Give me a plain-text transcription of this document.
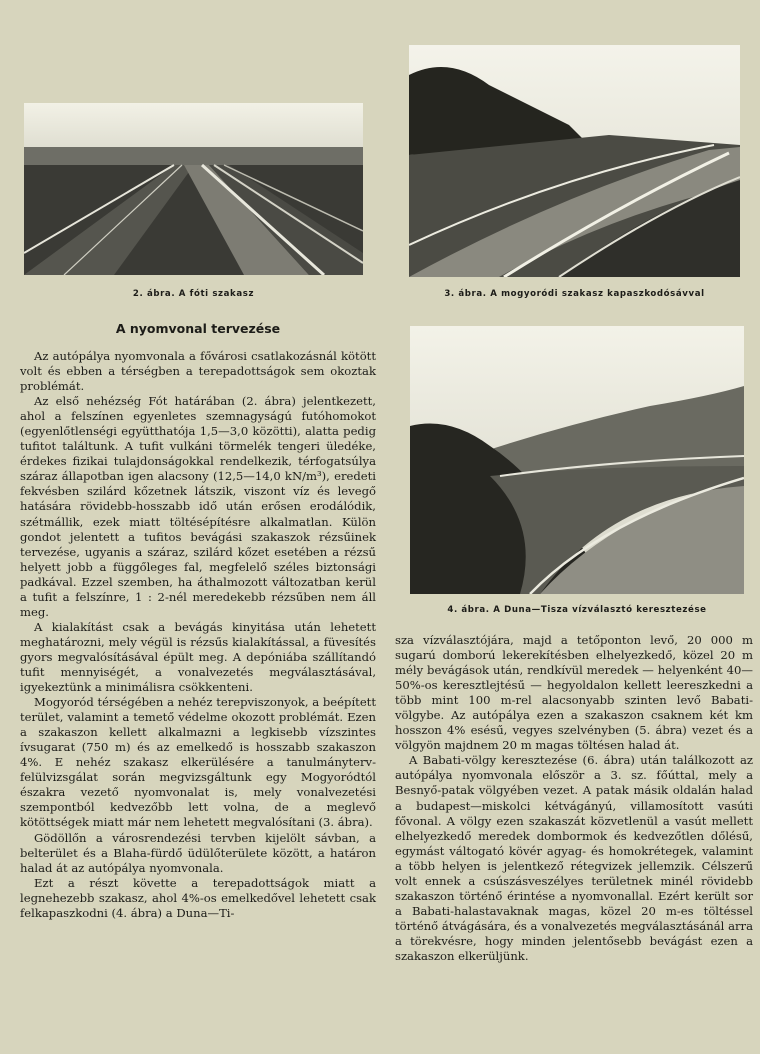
2. ábra. A fóti szakasz	3. ábra. A mogyoródi szakasz kapaszkodósávval
4. ábra. A Duna—Tisza vízválasztó keresztezése
A nyomvonal tervezése

Az autópálya nyomvonala a fővárosi csatlakozásnál kötött volt és ebben a térségben a terepadottságok sem okoztak problémát.

Az első nehézség Fót határában (2. ábra) jelentkezett, ahol a felszínen egyenletes szemnagyságú futóhomokot (egyenlőtlenségi együtthatója 1,5—3,0 közötti), alatta pedig tufitot találtunk. A tufit vulkáni törmelék tengeri üledéke, érdekes fizikai tulajdonságokkal rendelkezik, térfogatsúlya száraz állapotban igen alacsony (12,5—14,0 kN/m³), eredeti fekvésben szilárd kőzetnek látszik, viszont víz és levegő hatására rövidebb-hosszabb idő után erősen erodálódik, szétmállik, ezek miatt töltésépítésre alkalmatlan. Külön gondot jelentett a tufitos bevágási szakaszok rézsűinek tervezése, ugyanis a száraz, szilárd kőzet esetében a rézsű helyett jobb a függőleges fal, megfelelő széles biztonsági padkával. Ezzel szemben, ha áthalmozott változatban kerül a tufit a felszínre, 1 : 2-nél meredekebb rézsűben nem áll meg.

A kialakítást csak a bevágás kinyitása után lehetett meghatározni, mely végül is rézsűs kialakítással, a füvesítés gyors megvalósításával épült meg. A depóniába szállítandó tufit mennyiségét, a vonalvezetés megválasztásával, igyekeztünk a minimálisra csökkenteni.

Mogyoród térségében a nehéz terepviszonyok, a beépített terület, valamint a temető védelme okozott problémát. Ezen a szakaszon kellett alkalmazni a legkisebb vízszintes ívsugarat (750 m) és az emelkedő is hosszabb szakaszon 4%. E nehéz szakasz elkerülésére a tanulmányterv-felülvizsgálat során megvizsgáltunk egy Mogyoródtól északra vezető nyomvonalat is, mely vonalvezetési szempontból kedvezőbb lett volna, de a meglevő kötöttségek miatt már nem lehetett megvalósítani (3. ábra).

Gödöllőn a városrendezési tervben kijelölt sávban, a belterület és a Blaha-fürdő üdülőterülete között, a határon halad át az autópálya nyomvonala.

Ezt a részt követte a terepadottságok miatt a legnehezebb szakasz, ahol 4%-os emelkedővel lehetett csak felkapaszkodni (4. ábra) a Duna—Ti-

sza vízválasztójára, majd a tetőponton levő, 20 000 m sugarú domború lekerekítésben elhelyezkedő, közel 20 m mély bevágások után, rendkívül meredek — helyenként 40—50%-os keresztlejtésű — hegyoldalon kellett leereszkedni a több mint 100 m-rel alacsonyabb szinten levő Babati-völgybe. Az autópálya ezen a szakaszon csaknem két km hosszon 4% esésű, vegyes szelvényben (5. ábra) vezet és a völgyön majdnem 20 m magas töltésen halad át.

A Babati-völgy keresztezése (6. ábra) után találkozott az autópálya nyomvonala először a 3. sz. főúttal, mely a Besnyő-patak völgyében vezet. A patak másik oldalán halad a budapest—miskolci kétvágányú, villamosított vasúti fővonal. A völgy ezen szakaszát közvetlenül a vasút mellett elhelyezkedő meredek dombormok és kedvezőtlen dőlésű, egymást váltogató kövér agyag- és homokrétegek, valamint a több helyen is jelentkező rétegvizek jellemzik. Célszerű volt ennek a csúszásveszélyes területnek minél rövidebb szakaszon történő érintése a nyomvonallal. Ezért került sor a Babati-halastavaknak magas, közel 20 m-es töltéssel történő átvágására, és a vonalvezetés megválasztásánál arra a törekvésre, hogy minden jelentősebb bevágást ezen a szakaszon elkerüljünk.
